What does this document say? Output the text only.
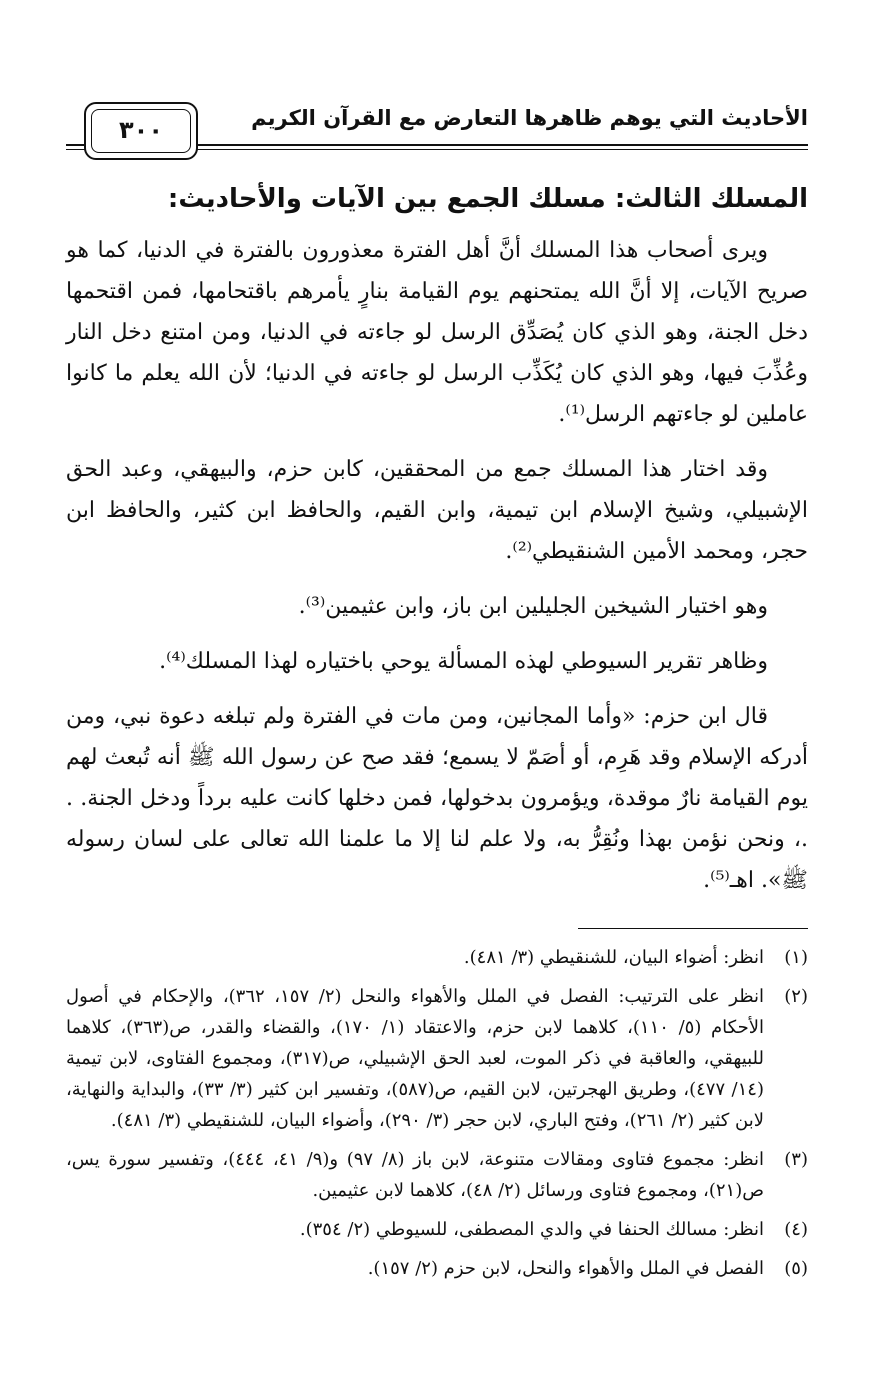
الأحاديث التي يوهم ظاهرها التعارض مع القرآن الكريم
٣٠٠
المسلك الثالث: مسلك الجمع بين الآيات والأحاديث:

ويرى أصحاب هذا المسلك أنَّ أهل الفترة معذورون بالفترة في الدنيا، كما هو صريح الآيات، إلا أنَّ الله يمتحنهم يوم القيامة بنارٍ يأمرهم باقتحامها، فمن اقتحمها دخل الجنة، وهو الذي كان يُصَدِّق الرسل لو جاءته في الدنيا، ومن امتنع دخل النار وعُذِّبَ فيها، وهو الذي كان يُكَذِّب الرسل لو جاءته في الدنيا؛ لأن الله يعلم ما كانوا عاملين لو جاءتهم الرسل⁽¹⁾.

وقد اختار هذا المسلك جمع من المحققين، كابن حزم، والبيهقي، وعبد الحق الإشبيلي، وشيخ الإسلام ابن تيمية، وابن القيم، والحافظ ابن كثير، والحافظ ابن حجر، ومحمد الأمين الشنقيطي⁽²⁾.

وهو اختيار الشيخين الجليلين ابن باز، وابن عثيمين⁽³⁾.

وظاهر تقرير السيوطي لهذه المسألة يوحي باختياره لهذا المسلك⁽⁴⁾.

قال ابن حزم: «وأما المجانين، ومن مات في الفترة ولم تبلغه دعوة نبي، ومن أدركه الإسلام وقد هَرِم، أو أصَمّ لا يسمع؛ فقد صح عن رسول الله ﷺ أنه تُبعث لهم يوم القيامة نارٌ موقدة، ويؤمرون بدخولها، فمن دخلها كانت عليه برداً ودخل الجنة. . .، ونحن نؤمن بهذا ونُقِرُّ به، ولا علم لنا إلا ما علمنا الله تعالى على لسان رسوله ﷺ». اهـ⁽⁵⁾.

(١)
انظر: أضواء البيان، للشنقيطي (٣/ ٤٨١).
(٢)
انظر على الترتيب: الفصل في الملل والأهواء والنحل (٢/ ١٥٧، ٣٦٢)، والإحكام في أصول الأحكام (٥/ ١١٠)، كلاهما لابن حزم، والاعتقاد (١/ ١٧٠)، والقضاء والقدر، ص(٣٦٣)، كلاهما للبيهقي، والعاقبة في ذكر الموت، لعبد الحق الإشبيلي، ص(٣١٧)، ومجموع الفتاوى، لابن تيمية (١٤/ ٤٧٧)، وطريق الهجرتين، لابن القيم، ص(٥٨٧)، وتفسير ابن كثير (٣/ ٣٣)، والبداية والنهاية، لابن كثير (٢/ ٢٦١)، وفتح الباري، لابن حجر (٣/ ٢٩٠)، وأضواء البيان، للشنقيطي (٣/ ٤٨١).
(٣)
انظر: مجموع فتاوى ومقالات متنوعة، لابن باز (٨/ ٩٧) و(٩/ ٤١، ٤٤٤)، وتفسير سورة يس، ص(٢١)، ومجموع فتاوى ورسائل (٢/ ٤٨)، كلاهما لابن عثيمين.
(٤)
انظر: مسالك الحنفا في والدي المصطفى، للسيوطي (٢/ ٣٥٤).
(٥)
الفصل في الملل والأهواء والنحل، لابن حزم (٢/ ١٥٧).
